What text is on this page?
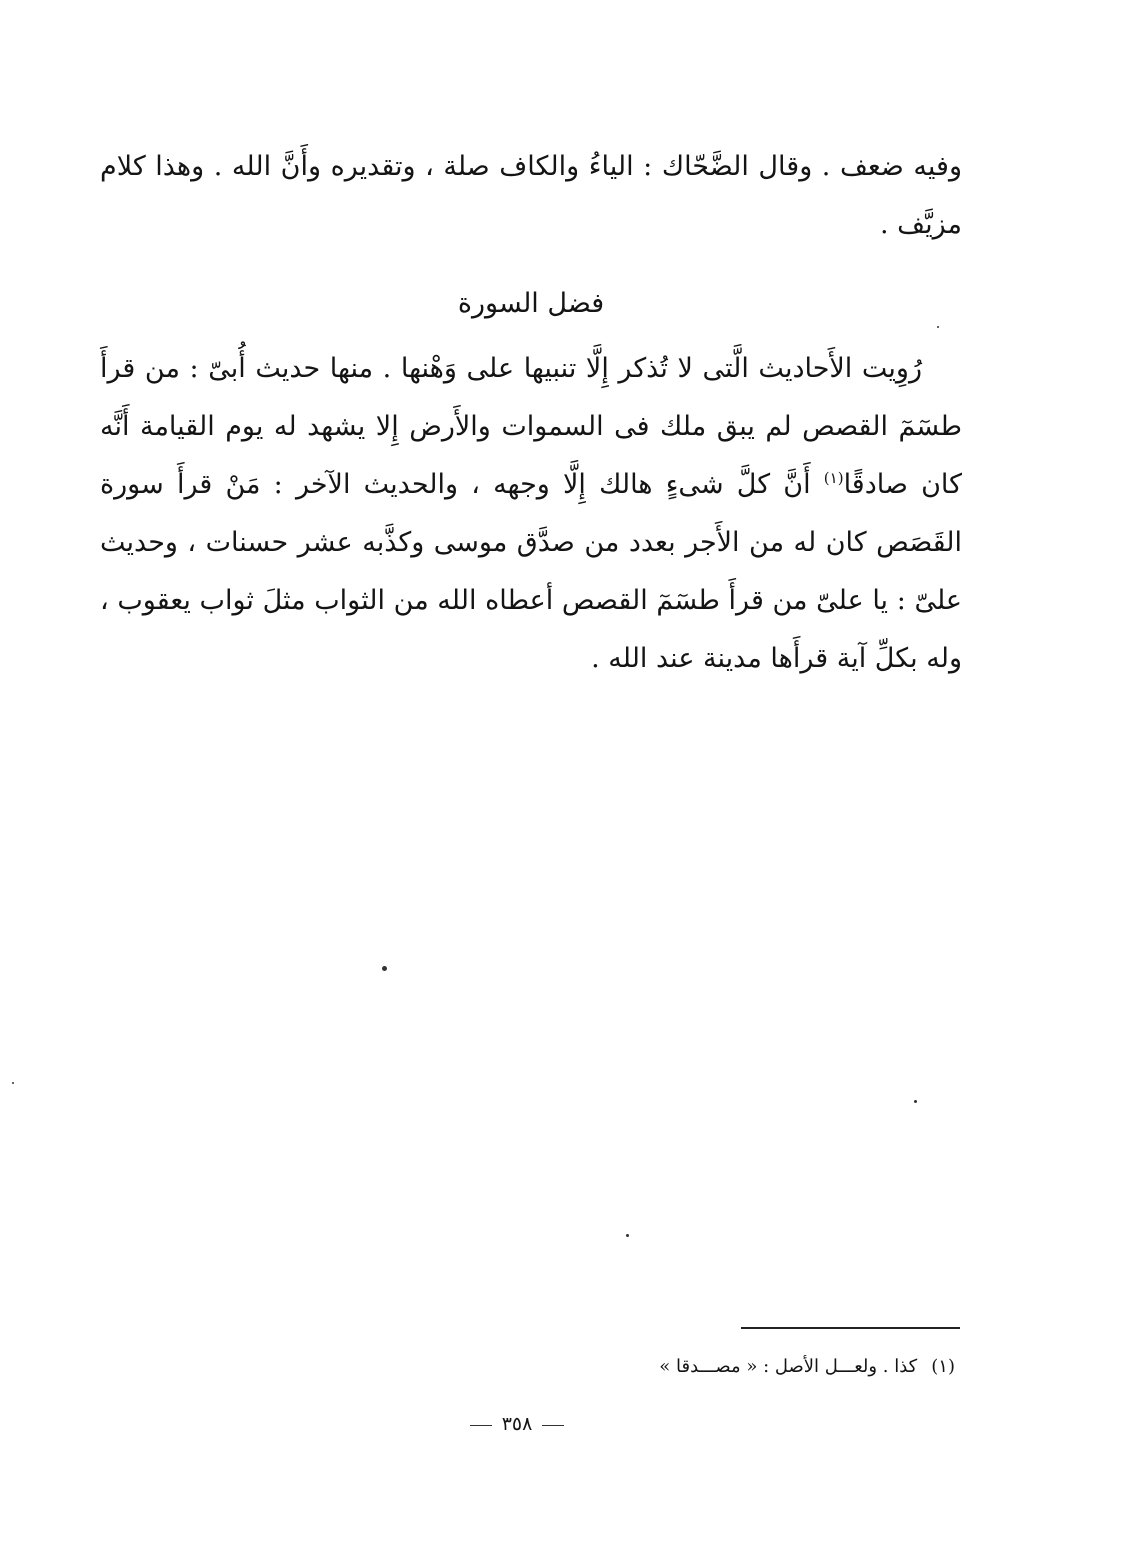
وفيه ضعف . وقال الضَّحّاك : الياءُ والكاف صلة ، وتقديره وأَنَّ الله . وهذا كلام مزيَّف .

فضل السورة

رُوِيت الأَحاديث الَّتى لا تُذكر إِلَّا تنبيها على وَهْنها . منها حديث أُبىّ : من قرأَ طسٓمٓ القصص لم يبق ملك فى السموات والأَرض إِلا يشهد له يوم القيامة أَنَّه كان صادقًا$^{(١)}$ أَنَّ كلَّ شىءٍ هالك إِلَّا وجهه ، والحديث الآخر : مَنْ قرأَ سورة القَصَص كان له من الأَجر بعدد من صدَّق موسى وكذَّبه عشر حسنات ، وحديث علىّ : يا علىّ من قرأَ طسٓمٓ القصص أعطاه الله من الثواب مثلَ ثواب يعقوب ، وله بكلِّ آية قرأَها مدينة عند الله .

(١)كذا . ولعـــل الأصل : « مصـــدقا »
٣٥٨
